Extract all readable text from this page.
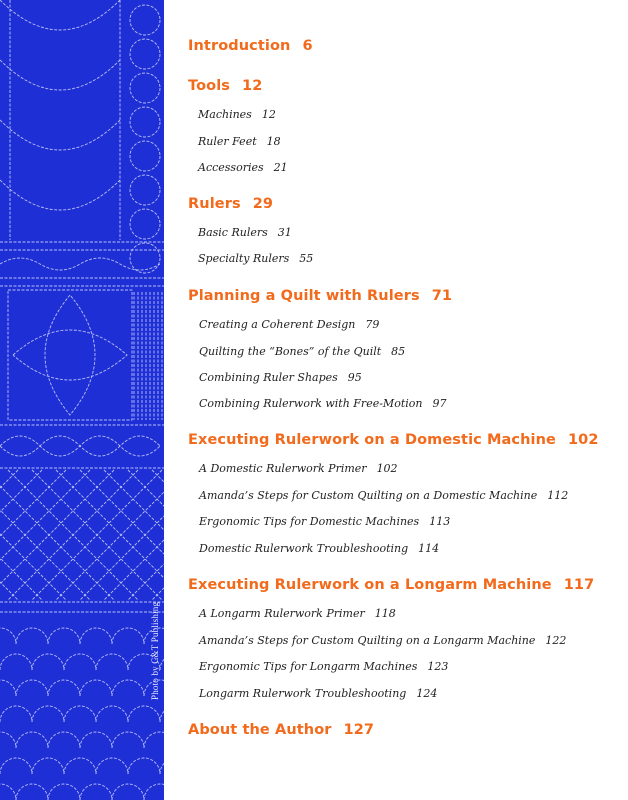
Photo by C&T Publishing
Introduction 6
Tools 12
Machines 12
Ruler Feet 18
Accessories 21
Rulers 29
Basic Rulers 31
Specialty Rulers 55
Planning a Quilt with Rulers 71
Creating a Coherent Design 79
Quilting the “Bones” of the Quilt 85
Combining Ruler Shapes 95
Combining Rulerwork with Free-Motion 97
Executing Rulerwork on a Domestic Machine 102
A Domestic Rulerwork Primer 102
Amanda’s Steps for Custom Quilting on a Domestic Machine 112
Ergonomic Tips for Domestic Machines 113
Domestic Rulerwork Troubleshooting 114
Executing Rulerwork on a Longarm Machine 117
A Longarm Rulerwork Primer 118
Amanda’s Steps for Custom Quilting on a Longarm Machine 122
Ergonomic Tips for Longarm Machines 123
Longarm Rulerwork Troubleshooting 124
About the Author 127
